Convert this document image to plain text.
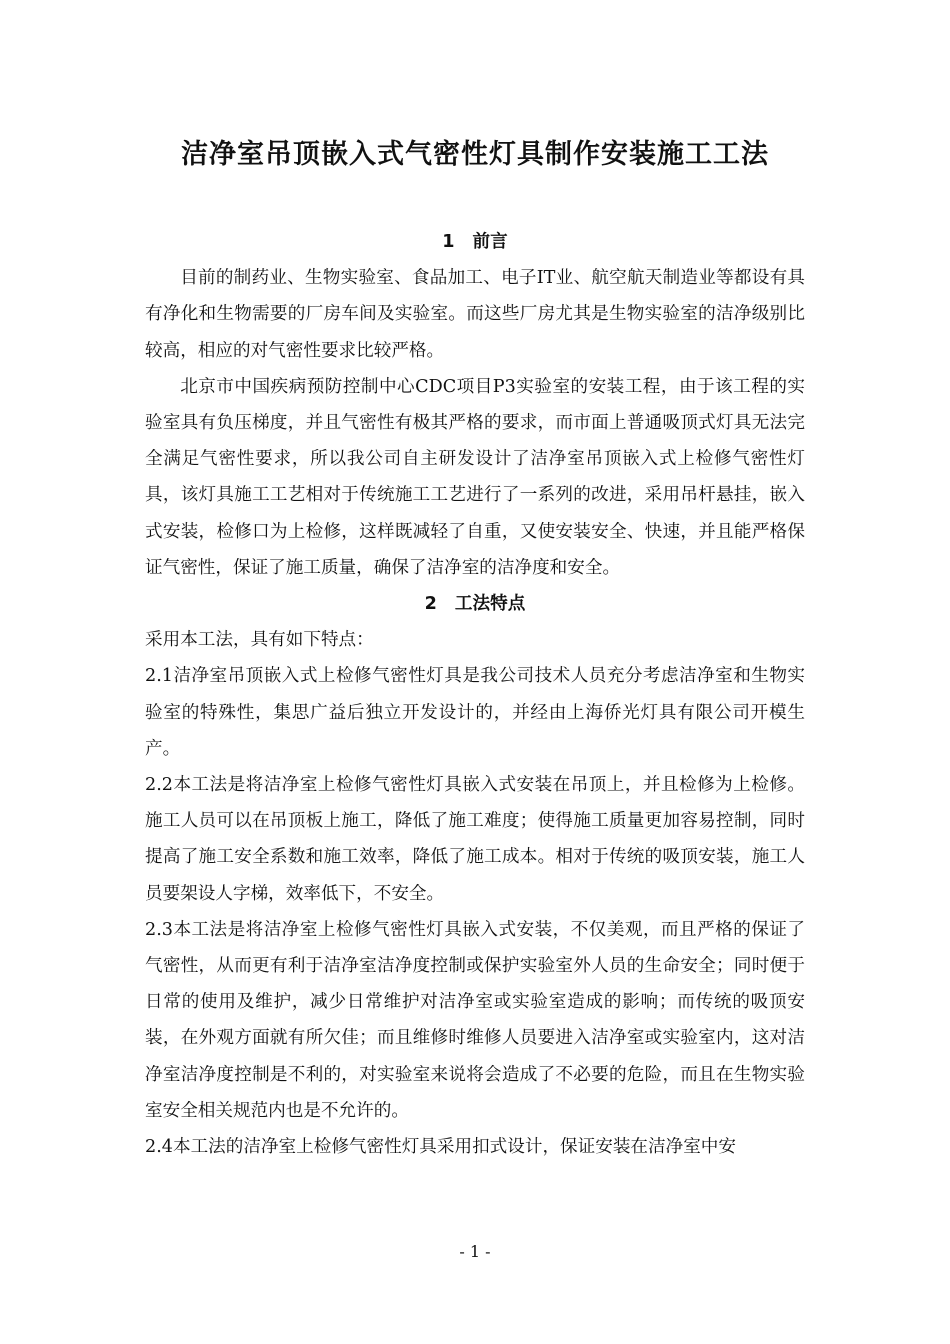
洁净室吊顶嵌入式气密性灯具制作安装施工工法
1 前言

目前的制药业、生物实验室、食品加工、电子IT业、航空航天制造业等都设有具有净化和生物需要的厂房车间及实验室。而这些厂房尤其是生物实验室的洁净级别比较高，相应的对气密性要求比较严格。

北京市中国疾病预防控制中心CDC项目P3实验室的安装工程，由于该工程的实验室具有负压梯度，并且气密性有极其严格的要求，而市面上普通吸顶式灯具无法完全满足气密性要求，所以我公司自主研发设计了洁净室吊顶嵌入式上检修气密性灯具，该灯具施工工艺相对于传统施工工艺进行了一系列的改进，采用吊杆悬挂，嵌入式安装，检修口为上检修，这样既减轻了自重，又使安装安全、快速，并且能严格保证气密性，保证了施工质量，确保了洁净室的洁净度和安全。

2 工法特点

采用本工法，具有如下特点：

2.1洁净室吊顶嵌入式上检修气密性灯具是我公司技术人员充分考虑洁净室和生物实验室的特殊性，集思广益后独立开发设计的，并经由上海侨光灯具有限公司开模生产。

2.2本工法是将洁净室上检修气密性灯具嵌入式安装在吊顶上，并且检修为上检修。施工人员可以在吊顶板上施工，降低了施工难度；使得施工质量更加容易控制，同时提高了施工安全系数和施工效率，降低了施工成本。相对于传统的吸顶安装，施工人员要架设人字梯，效率低下，不安全。

2.3本工法是将洁净室上检修气密性灯具嵌入式安装，不仅美观，而且严格的保证了气密性，从而更有利于洁净室洁净度控制或保护实验室外人员的生命安全；同时便于日常的使用及维护，减少日常维护对洁净室或实验室造成的影响；而传统的吸顶安装，在外观方面就有所欠佳；而且维修时维修人员要进入洁净室或实验室内，这对洁净室洁净度控制是不利的，对实验室来说将会造成了不必要的危险，而且在生物实验室安全相关规范内也是不允许的。

2.4本工法的洁净室上检修气密性灯具采用扣式设计，保证安装在洁净室中安

- 1 -
